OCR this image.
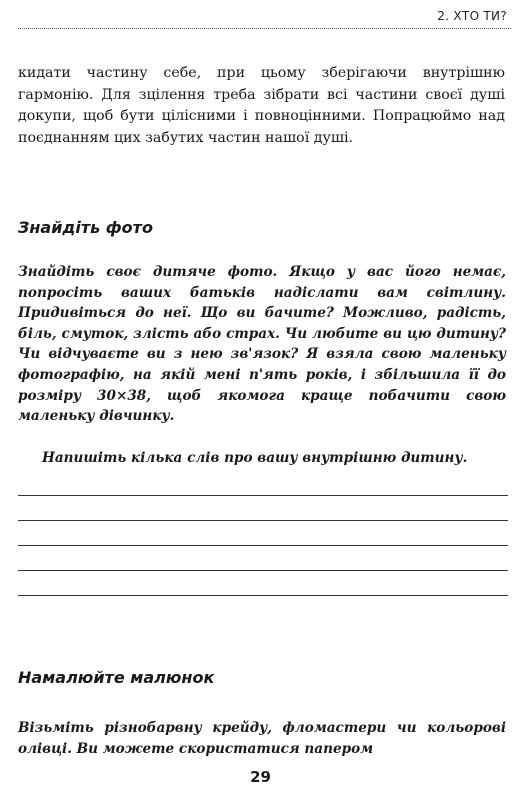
2. ХТО ТИ?

кидати частину себе, при цьому зберігаючи внутрішню гармонію. Для зцілення треба зібрати всі частини своєї душі докупи, щоб бути цілісними і повноцінними. Попрацюймо над поєднанням цих забутих частин нашої душі.

Знайдіть фото

Знайдіть своє дитяче фото. Якщо у вас його немає, попросіть ваших батьків надіслати вам світлину. Придивіться до неї. Що ви бачите? Можливо, радість, біль, смуток, злість або страх. Чи любите ви цю дитину? Чи відчуваєте ви з нею зв'язок? Я взяла свою маленьку фотографію, на якій мені п'ять років, і збільшила її до розміру 30×38, щоб якомога краще побачити свою маленьку дівчинку.

Напишіть кілька слів про вашу внутрішню дитину.

Намалюйте малюнок

Візьміть різнобарвну крейду, фломастери чи кольорові олівці. Ви можете скористатися папером

29
